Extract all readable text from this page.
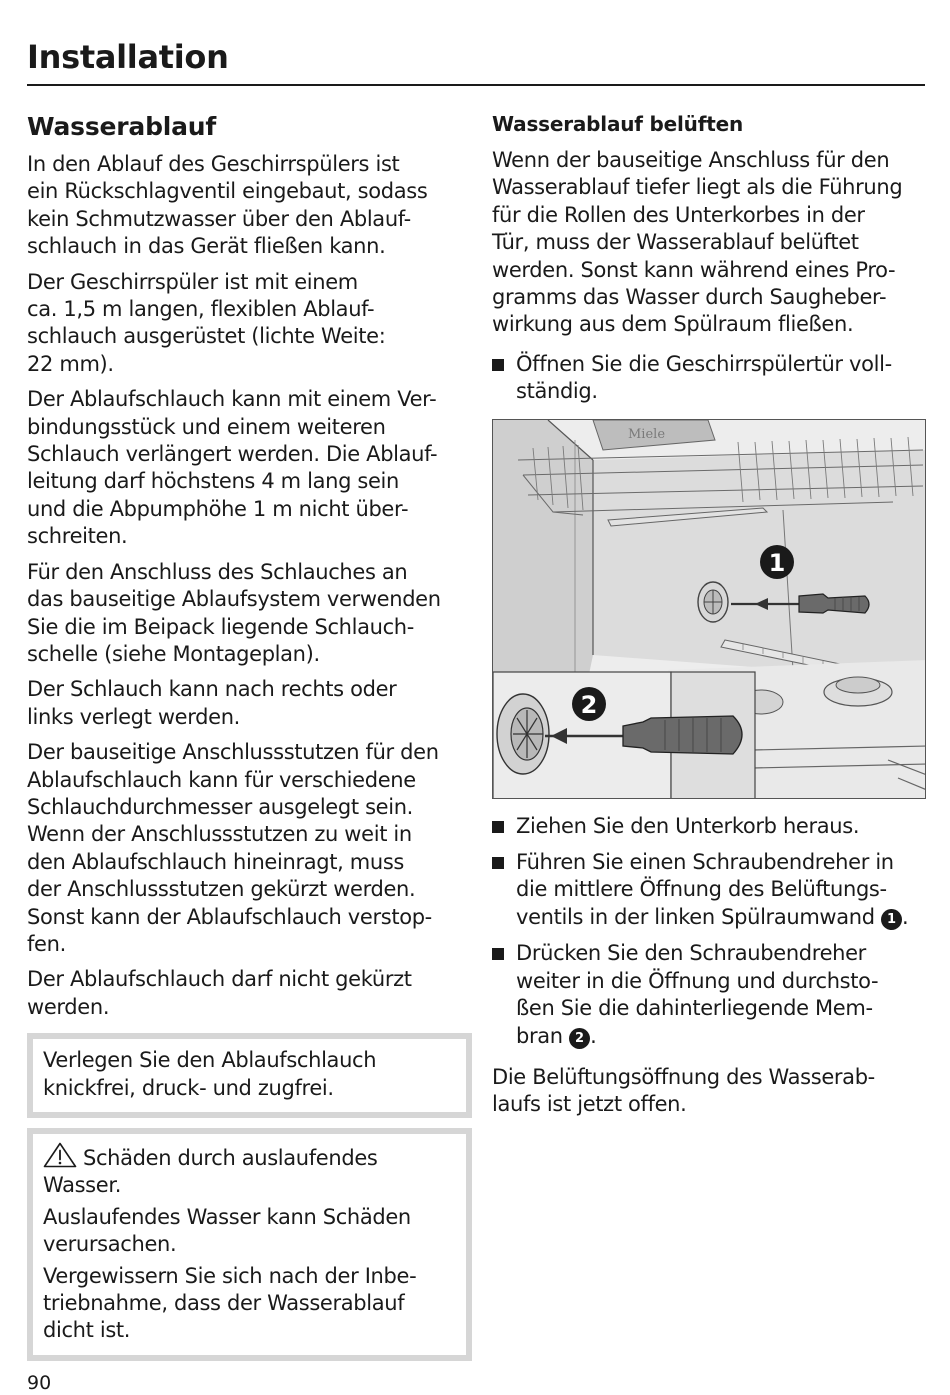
Installation
Wasserablauf

In den Ablauf des Geschirrspülers ist
ein Rückschlagventil eingebaut, sodass
kein Schmutzwasser über den Ablauf-
schlauch in das Gerät fließen kann.

Der Geschirrspüler ist mit einem
ca. 1,5 m langen, flexiblen Ablauf-
schlauch ausgerüstet (lichte Weite:
22 mm).

Der Ablaufschlauch kann mit einem Ver-
bindungsstück und einem weiteren
Schlauch verlängert werden. Die Ablauf-
leitung darf höchstens 4 m lang sein
und die Abpumphöhe 1 m nicht über-
schreiten.

Für den Anschluss des Schlauches an
das bauseitige Ablaufsystem verwenden
Sie die im Beipack liegende Schlauch-
schelle (siehe Montageplan).

Der Schlauch kann nach rechts oder
links verlegt werden.

Der bauseitige Anschlussstutzen für den
Ablaufschlauch kann für verschiedene
Schlauchdurchmesser ausgelegt sein.
Wenn der Anschlussstutzen zu weit in
den Ablaufschlauch hineinragt, muss
der Anschlussstutzen gekürzt werden.
Sonst kann der Ablaufschlauch verstop-
fen.

Der Ablaufschlauch darf nicht gekürzt
werden.

Verlegen Sie den Ablaufschlauch
knickfrei, druck- und zugfrei.

Schäden durch auslaufendes
Wasser.

Auslaufendes Wasser kann Schäden
verursachen.

Vergewissern Sie sich nach der Inbe-
triebnahme, dass der Wasserablauf
dicht ist.

Wasserablauf belüften

Wenn der bauseitige Anschluss für den
Wasserablauf tiefer liegt als die Führung
für die Rollen des Unterkorbes in der
Tür, muss der Wasserablauf belüftet
werden. Sonst kann während eines Pro-
gramms das Wasser durch Saugheber-
wirkung aus dem Spülraum fließen.

Öffnen Sie die Geschirrspülertür voll-
ständig.
Miele
1
2
Ziehen Sie den Unterkorb heraus.
Führen Sie einen Schraubendreher in
die mittlere Öffnung des Belüftungs-
ventils in der linken Spülraumwand 1 .
Drücken Sie den Schraubendreher
weiter in die Öffnung und durchsto-
ßen Sie die dahinterliegende Mem-
bran 2 .

Die Belüftungsöffnung des Wasserab-
laufs ist jetzt offen.

90
